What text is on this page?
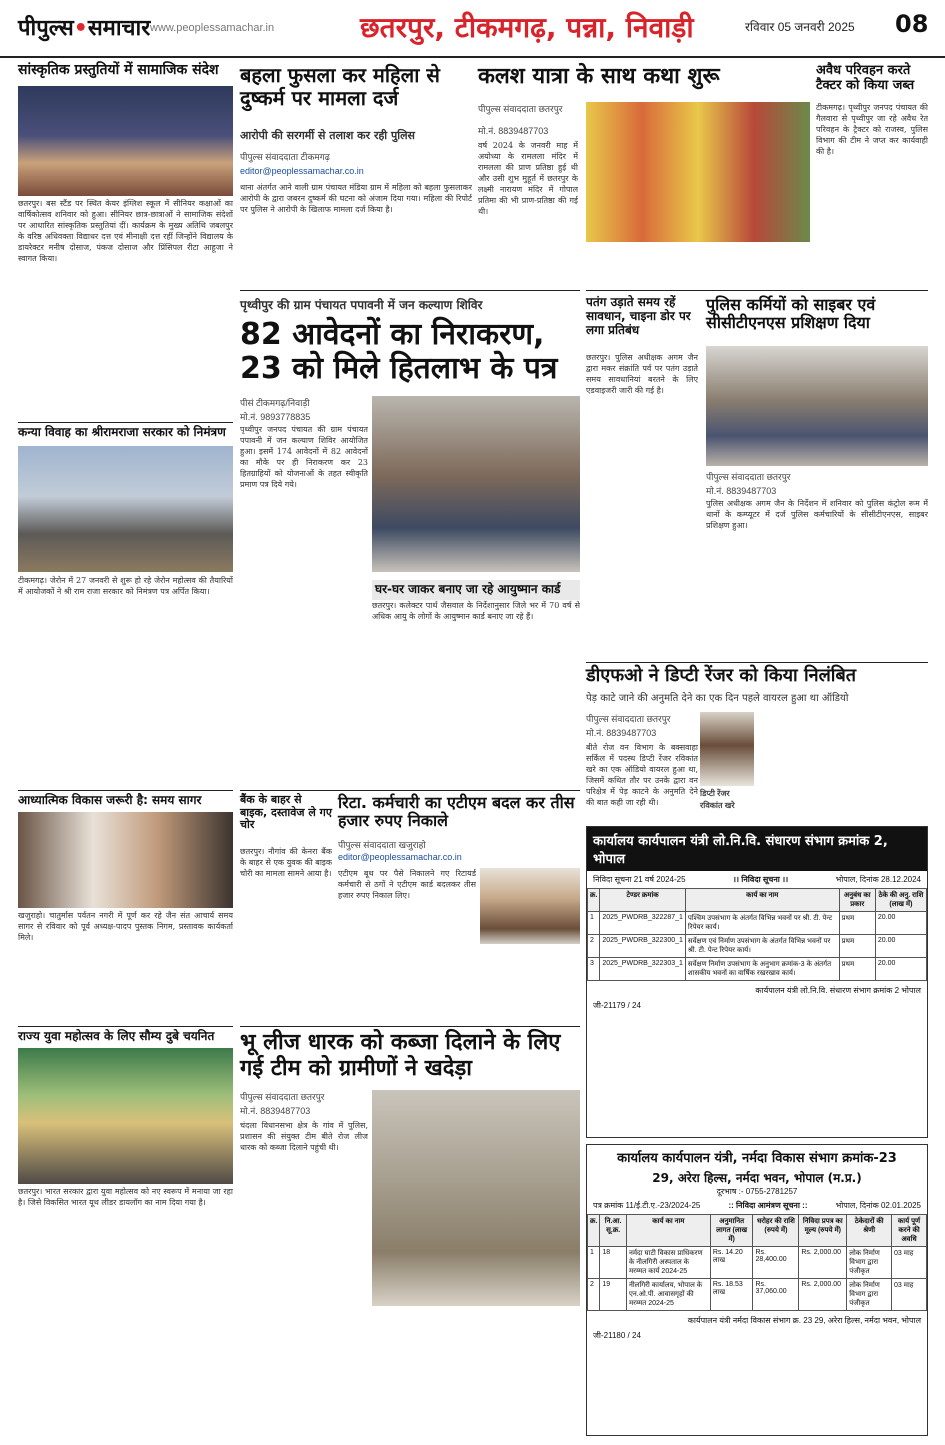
पीपुल्स•समाचार www.peoplessamachar.in	छतरपुर, टीकमगढ़, पन्ना, निवाड़ी	रविवार 05 जनवरी 2025 08
सांस्कृतिक प्रस्तुतियों में सामाजिक संदेश
छतरपुर। बस स्टैंड पर स्थित केयर इंग्लिश स्कूल में सीनियर कक्षाओं का वार्षिकोत्सव शनिवार को हुआ। सीनियर छात्र-छात्राओं ने सामाजिक संदेशों पर आधारित सांस्कृतिक प्रस्तुतियां दीं। कार्यक्रम के मुख्य अतिथि जबलपुर के वरिष्ठ अधिवक्ता विद्याधर दत्त एवं मीनाक्षी दत्त रहीं जिन्होंने विद्यालय के डायरेक्टर मनीष दोसाज, पंकज दोसाज और प्रिंसिपल रीटा आहूजा ने स्वागत किया।
कन्या विवाह का श्रीरामराजा सरकार को निमंत्रण
टीकमगढ़। जेरोन में 27 जनवरी से शुरू हो रहे जेरोन महोत्सव की तैयारियों में आयोजकों ने श्री राम राजा सरकार को निमंत्रण पत्र अर्पित किया।
आध्यात्मिक विकास जरूरी है: समय सागर
खजुराहो। चातुर्मास पर्वतन नगरी में पूर्ण कर रहे जैन संत आचार्य समय सागर से रविवार को पूर्व अध्यक्ष-पादप पुस्तक निगम, प्रस्तावक कार्यकर्ता मिले।
राज्य युवा महोत्सव के लिए सौम्य दुबे चयनित
छतरपुर। भारत सरकार द्वारा युवा महोत्सव को नए स्वरूप में मनाया जा रहा है। जिसे विकसित भारत यूथ लीडर डायलॉग का नाम दिया गया है।
बहला फुसला कर महिला से दुष्कर्म पर मामला दर्ज
आरोपी की सरगर्मी से तलाश कर रही पुलिस
पीपुल्स संवाददाता टीकमगढ़
editor@peoplessamachar.co.in
थाना अंतर्गत आने वाली ग्राम पंचायत मंडिया ग्राम में महिला को बहला फुसलाकर आरोपी के द्वारा जबरन दुष्कर्म की घटना को अंजाम दिया गया। महिला की रिपोर्ट पर पुलिस ने आरोपी के खिलाफ मामला दर्ज किया है।
पृथ्वीपुर की ग्राम पंचायत पपावनी में जन कल्याण शिविर
82 आवेदनों का निराकरण, 23 को मिले हितलाभ के पत्र
पीसं टीकमगढ़/निवाड़ी
मो.नं. 9893778835
पृथ्वीपुर जनपद पंचायत की ग्राम पंचायत पपावनी में जन कल्याण शिविर आयोजित हुआ। इसमें 174 आवेदनों में 82 आवेदनों का मौके पर ही निराकरण कर 23 हितग्राहियों को योजनाओं के तहत स्वीकृति प्रमाण पत्र दिये गये।
घर-घर जाकर बनाए जा रहे आयुष्मान कार्ड
छतरपुर। कलेक्टर पार्थ जैसवाल के निर्देशानुसार जिले भर में 70 वर्ष से अधिक आयु के लोगों के आयुष्मान कार्ड बनाए जा रहे हैं।
बैंक के बाहर से बाइक, दस्तावेज ले गए चोर
छतरपुर। नौगांव की केनरा बैंक के बाहर से एक युवक की बाइक चोरी का मामला सामने आया है।
रिटा. कर्मचारी का एटीएम बदल कर तीस हजार रुपए निकाले
पीपुल्स संवाददाता खजुराहो
editor@peoplessamachar.co.in
एटीएम बूथ पर पैसे निकालने गए रिटायर्ड कर्मचारी से ठगों ने एटीएम कार्ड बदलकर तीस हजार रुपए निकाल लिए।
भू लीज धारक को कब्जा दिलाने के लिए गई टीम को ग्रामीणों ने खदेड़ा
पीपुल्स संवाददाता छतरपुर
मो.नं. 8839487703
चंदला विधानसभा क्षेत्र के गांव में पुलिस, प्रशासन की संयुक्त टीम बीते रोज लीज धारक को कब्जा दिलाने पहुंची थी।
कलश यात्रा के साथ कथा शुरू
पीपुल्स संवाददाता छतरपुर
मो.नं. 8839487703
वर्ष 2024 के जनवरी माह में अयोध्या के रामलला मंदिर में रामलला की प्राण प्रतिष्ठा हुई थी और उसी शुभ मुहूर्त में छतरपुर के लक्ष्मी नारायण मंदिर में गोपाल प्रतिमा की भी प्राण-प्रतिष्ठा की गई थी।
अवैध परिवहन करते टैक्टर को किया जब्त
टीकमगढ़। पृथ्वीपुर जनपद पंचायत की गैलवारा से पृथ्वीपुर जा रहे अवैध रेत परिवहन के ट्रैक्टर को राजस्व, पुलिस विभाग की टीम ने जप्त कर कार्यवाही की है।
पतंग उड़ाते समय रहें सावधान, चाइना डोर पर लगा प्रतिबंध
छतरपुर। पुलिस अधीक्षक अगम जैन द्वारा मकर संक्रांति पर्व पर पतंग उड़ाते समय सावधानियां बरतने के लिए एडवाइजरी जारी की गई है।
पुलिस कर्मियों को साइबर एवं सीसीटीएनएस प्रशिक्षण दिया
पीपुल्स संवाददाता छतरपुर
मो.नं. 8839487703
पुलिस अधीक्षक अगम जैन के निर्देशन में शनिवार को पुलिस कंट्रोल रूम में थानों के कम्प्यूटर में दर्ज पुलिस कर्मचारियों के सीसीटीएनएस, साइबर प्रशिक्षण हुआ।
डीएफओ ने डिप्टी रेंजर को किया निलंबित
पेड़ काटे जाने की अनुमति देने का एक दिन पहले वायरल हुआ था ऑडियो
पीपुल्स संवाददाता छतरपुर
मो.नं. 8839487703
डिप्टी रेंजर
रविकांत खरे
बीते रोज वन विभाग के बक्सवाहा सर्किल में पदस्थ डिप्टी रेंजर रविकांत खरे का एक ऑडियो वायरल हुआ था, जिसमें कथित तौर पर उनके द्वारा वन परिक्षेत्र में पेड़ काटने के अनुमति देने की बात कही जा रही थी।
कार्यालय कार्यपालन यंत्री लो.नि.वि. संधारण संभाग क्रमांक 2, भोपाल
निविदा सूचना 21 वर्ष 2024-25	।। निविदा सूचना ।।	भोपाल, दिनांक 28.12.2024
क्र.	टेण्डर क्रमांक	कार्य का नाम	अनुबंध का प्रकार	ठेके की अनु. राशि (लाख में)
1	2025_PWDRB_322287_1	पश्चिम उपसंभाग के अंतर्गत विभिन्न भवनों पर श्री. टी. पेन्ट रिपेयर कार्य।	प्रथम	20.00
2	2025_PWDRB_322300_1	सर्वेक्षण एवं निर्माण उपसंभाग के अंतर्गत विभिन्न भवनों पर श्री. टी. पेन्ट रिपेयर कार्य।	प्रथम	20.00
3	2025_PWDRB_322303_1	सर्वेक्षण निर्माण उपसंभाग के अनुभाग क्रमांक-3 के अंतर्गत शासकीय भवनों का वार्षिक रखरखाव कार्य।	प्रथम	20.00
कार्यपालन यंत्री लो.नि.वि. संधारण संभाग क्रमांक 2 भोपाल
जी-21179 / 24
कार्यालय कार्यपालन यंत्री, नर्मदा विकास संभाग क्रमांक-23
29, अरेरा हिल्स, नर्मदा भवन, भोपाल (म.प्र.)
दूरभाष :- 0755-2781257
पत्र क्रमांक 11/ई.टी.ए.-23/2024-25	:: निविदा आमंत्रण सूचना ::	भोपाल, दिनांक 02.01.2025
क्र.	नि.आ. सू.क्र.	कार्य का नाम	अनुमानित लागत (लाख में)	धरोहर की राशि (रुपये में)	निविदा प्रपत्र का मूल्य (रुपये में)	ठेकेदारों की श्रेणी	कार्य पूर्ण करने की अवधि
1	18	नर्मदा घाटी विकास प्राधिकरण के नीलगिरी अस्पताल के मरम्मत कार्य 2024-25	Rs. 14.20 लाख	Rs. 28,400.00	Rs. 2,000.00	लोक निर्माण विभाग द्वारा पंजीकृत	03 माह
2	19	नीलगिरी कार्यालय, भोपाल के एन.ओ.पी. आवासगृहों की मरम्मत 2024-25	Rs. 18.53 लाख	Rs. 37,060.00	Rs. 2,000.00	लोक निर्माण विभाग द्वारा पंजीकृत	03 माह
कार्यपालन यंत्री नर्मदा विकास संभाग क्र. 23 29, अरेरा हिल्स, नर्मदा भवन, भोपाल
जी-21180 / 24
